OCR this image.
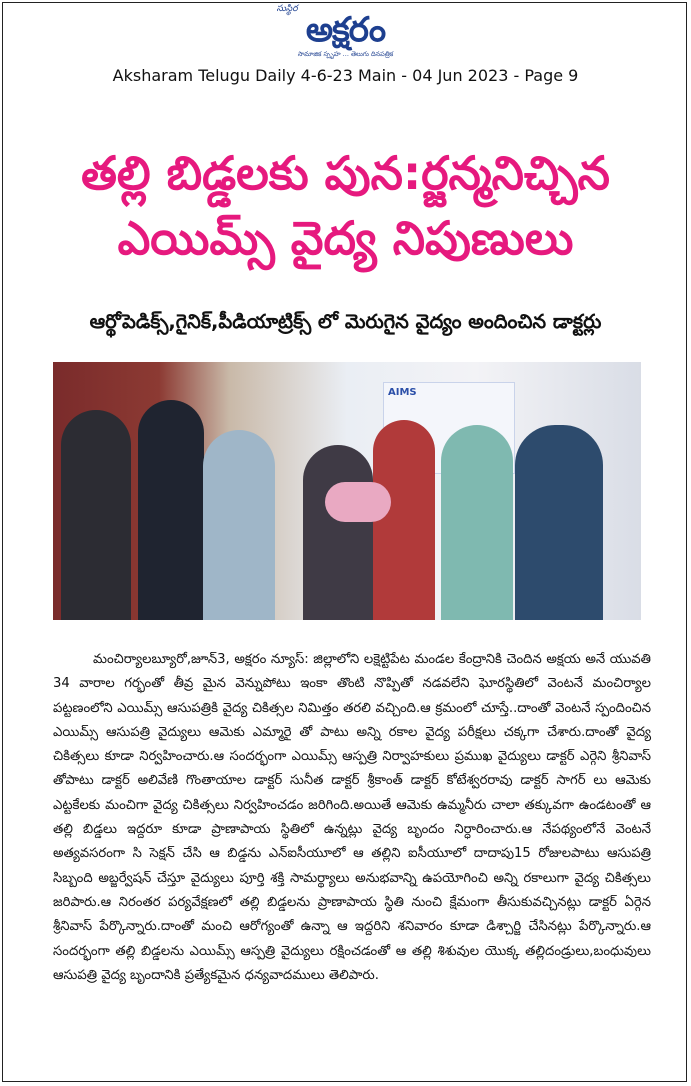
సుస్థిర
అక్షరం
సామాజిక స్పృహ ... తెలుగు దినపత్రిక
Aksharam Telugu Daily 4-6-23 Main - 04 Jun 2023 - Page 9
తల్లి బిడ్డలకు పున:ర్జన్మనిచ్చిన
ఎయిమ్స్ వైద్య నిపుణులు
ఆర్థోపెడిక్స్,గైనిక్,పీడియాట్రిక్స్ లో మెరుగైన వైద్యం అందించిన డాక్టర్లు
AIMS

మంచిర్యాలబ్యూరో,జూన్3, అక్షరం న్యూస్: జిల్లాలోని లక్షెట్టిపేట మండల కేంద్రానికి చెందిన అక్షయ అనే యువతి 34 వారాల గర్భంతో తీవ్ర మైన వెన్నుపోటు ఇంకా తొంటి నొప్పితో నడవలేని ఘోరస్థితిలో వెంటనే మంచిర్యాల పట్టణంలోని ఎయిమ్స్ ఆసుపత్రికి వైద్య చికిత్సల నిమిత్తం తరలి వచ్చింది.ఆ క్రమంలో చూస్తే..దాంతో వెంటనే స్పందించిన ఎయిమ్స్ ఆసుపత్రి వైద్యులు ఆమెకు ఎమ్మారై తో పాటు అన్ని రకాల వైద్య పరీక్షలు చక్కగా చేశారు.దాంతో వైద్య చికిత్సలు కూడా నిర్వహించారు.ఆ సందర్భంగా ఎయిమ్స్ ఆస్పత్రి నిర్వాహకులు ప్రముఖ వైద్యులు డాక్టర్ ఎర్గెని శ్రీనివాస్ తోపాటు డాక్టర్ అలివేణి గొంతాయాల డాక్టర్ సునీత డాక్టర్ శ్రీకాంత్ డాక్టర్ కోటేశ్వరరావు డాక్టర్ సాగర్ లు ఆమెకు ఎట్టకేలకు మంచిగా వైద్య చికిత్సలు నిర్వహించడం జరిగింది.అయితే ఆమెకు ఉమ్మనీరు చాలా తక్కువగా ఉండటంతో ఆ తల్లి బిడ్డలు ఇద్దరూ కూడా ప్రాణాపాయ స్థితిలో ఉన్నట్లు వైద్య బృందం నిర్ధారించారు.ఆ నేపథ్యంలోనే వెంటనే అత్యవసరంగా సి సెక్షన్ చేసి ఆ బిడ్డను ఎన్ఐసీయూలో ఆ తల్లిని ఐసీయూలో దాదాపు15 రోజులపాటు ఆసుపత్రి సిబ్బంది అబ్జర్వేషన్ చేస్తూ వైద్యులు పూర్తి శక్తి సామర్థ్యాలు అనుభవాన్ని ఉపయోగించి అన్ని రకాలుగా వైద్య చికిత్సలు జరిపారు.ఆ నిరంతర పర్యవేక్షణలో తల్లి బిడ్డలను ప్రాణాపాయ స్థితి నుంచి క్షేమంగా తీసుకువచ్చినట్లు డాక్టర్ ఏర్గెన శ్రీనివాస్ పేర్కొన్నారు.దాంతో మంచి ఆరోగ్యంతో ఉన్నా ఆ ఇద్దరిని శనివారం కూడా డిశ్చార్జి చేసినట్లు పేర్కొన్నారు.ఆ సందర్భంగా తల్లి బిడ్డలను ఎయిమ్స్ ఆస్పత్రి వైద్యులు రక్షించడంతో ఆ తల్లి శిశువుల యొక్క తల్లిదండ్రులు,బంధువులు ఆసుపత్రి వైద్య బృందానికి ప్రత్యేకమైన ధన్యవాదములు తెలిపారు.
